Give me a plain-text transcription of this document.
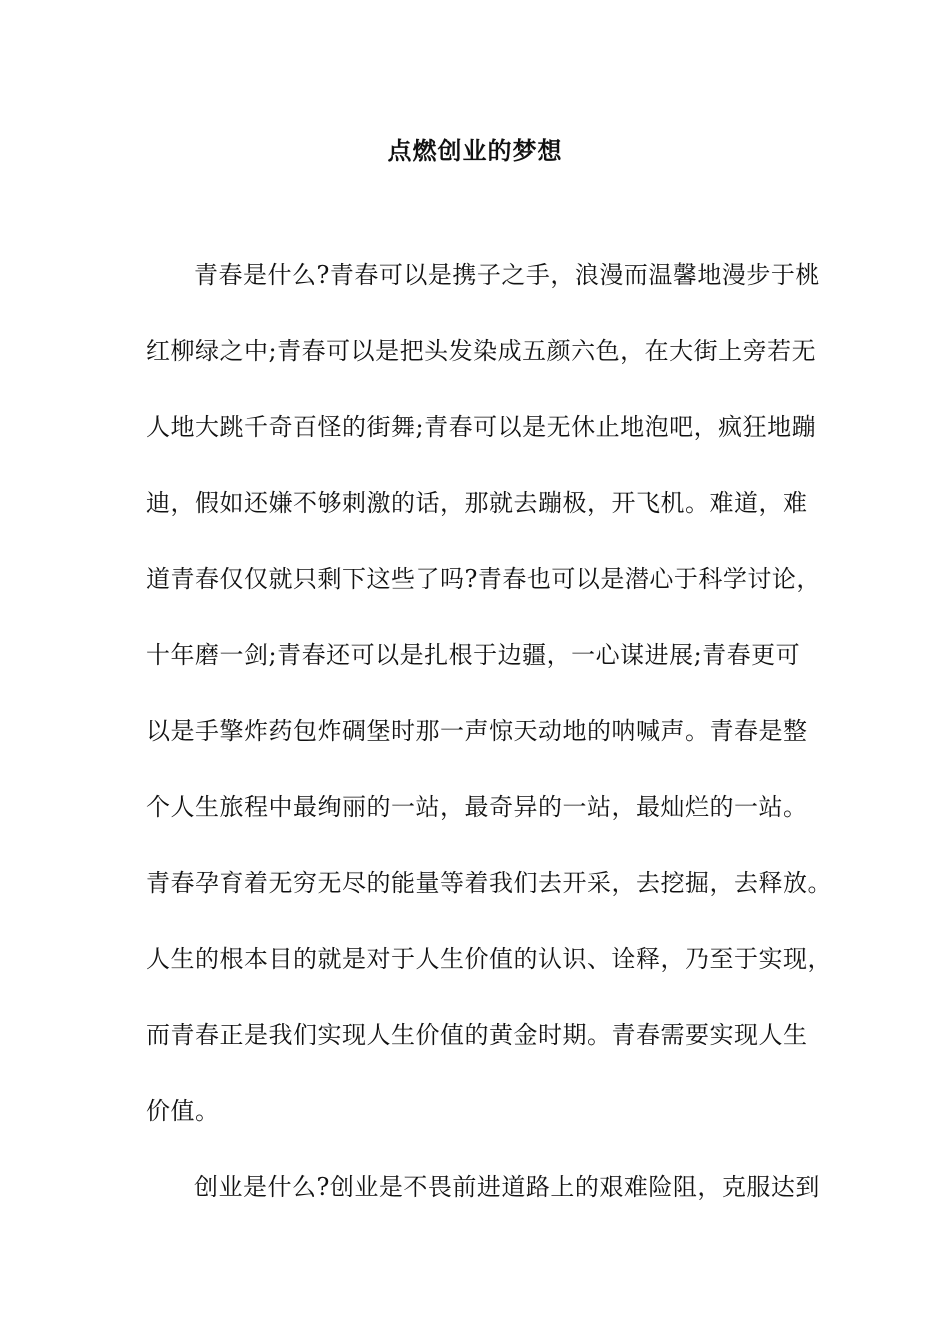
点燃创业的梦想
青春是什么?青春可以是携子之手，浪漫而温馨地漫步于桃
红柳绿之中;青春可以是把头发染成五颜六色，在大街上旁若无
人地大跳千奇百怪的街舞;青春可以是无休止地泡吧，疯狂地蹦
迪，假如还嫌不够刺激的话，那就去蹦极，开飞机。难道，难
道青春仅仅就只剩下这些了吗?青春也可以是潜心于科学讨论，
十年磨一剑;青春还可以是扎根于边疆，一心谋进展;青春更可
以是手擎炸药包炸碉堡时那一声惊天动地的呐喊声。青春是整
个人生旅程中最绚丽的一站，最奇异的一站，最灿烂的一站。
青春孕育着无穷无尽的能量等着我们去开采，去挖掘，去释放。
人生的根本目的就是对于人生价值的认识、诠释，乃至于实现，
而青春正是我们实现人生价值的黄金时期。青春需要实现人生
价值。
创业是什么?创业是不畏前进道路上的艰难险阻，克服达到
